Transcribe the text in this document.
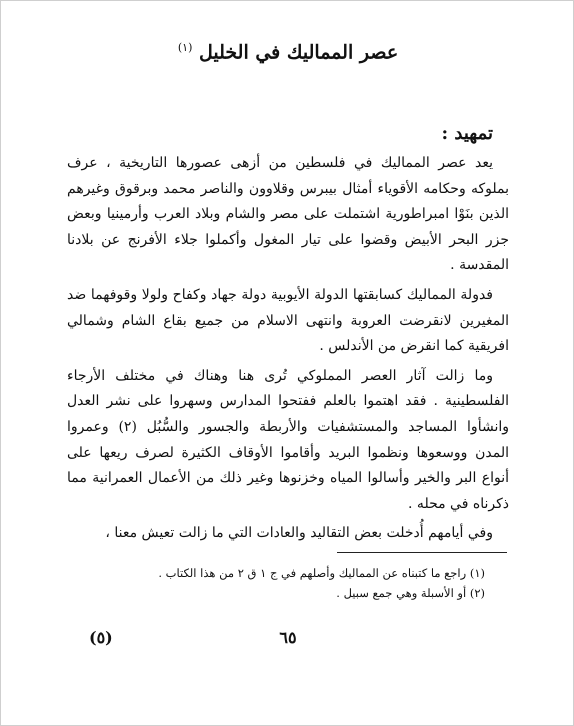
عصر المماليك في الخليل $^{(١)}$
تمهيد :

يعد عصر المماليك في فلسطين من أزهى عصورها التاريخية ، عرف بملوكه وحكامه الأقوياء أمثال بيبرس وقلاوون والناصر محمد وبرقوق وغيرهم الذين بنَوْا امبراطورية اشتملت على مصر والشام وبلاد العرب وأرمينيا وبعض جزر البحر الأبيض وقضوا على تيار المغول وأكملوا جلاء الأفرنج عن بلادنا المقدسة .

فدولة المماليك كسابقتها الدولة الأيوبية دولة جهاد وكفاح ولولا وقوفهما ضد المغيرين لانقرضت العروبة وانتهى الاسلام من جميع بقاع الشام وشمالي افريقية كما انقرض من الأندلس .

وما زالت آثار العصر المملوكي تُرى هنا وهناك في مختلف الأرجاء الفلسطينية . فقد اهتموا بالعلم ففتحوا المدارس وسهروا على نشر العدل وانشأوا المساجد والمستشفيات والأربطة والجسور والسُّبُل (٢) وعمروا المدن ووسعوها ونظموا البريد وأقاموا الأوقاف الكثيرة لصرف ريعها على أنواع البر والخير وأسالوا المياه وخزنوها وغير ذلك من الأعمال العمرانية مما ذكرناه في محله .

وفي أيامهم أُدخلت بعض التقاليد والعادات التي ما زالت تعيش معنا ،

(١) راجع ما كتبناه عن المماليك وأصلهم في ج ١ ق ٢ من هذا الكتاب .
(٢) أو الأسبلة وهي جمع سبيل .
٦٥
(٥)
